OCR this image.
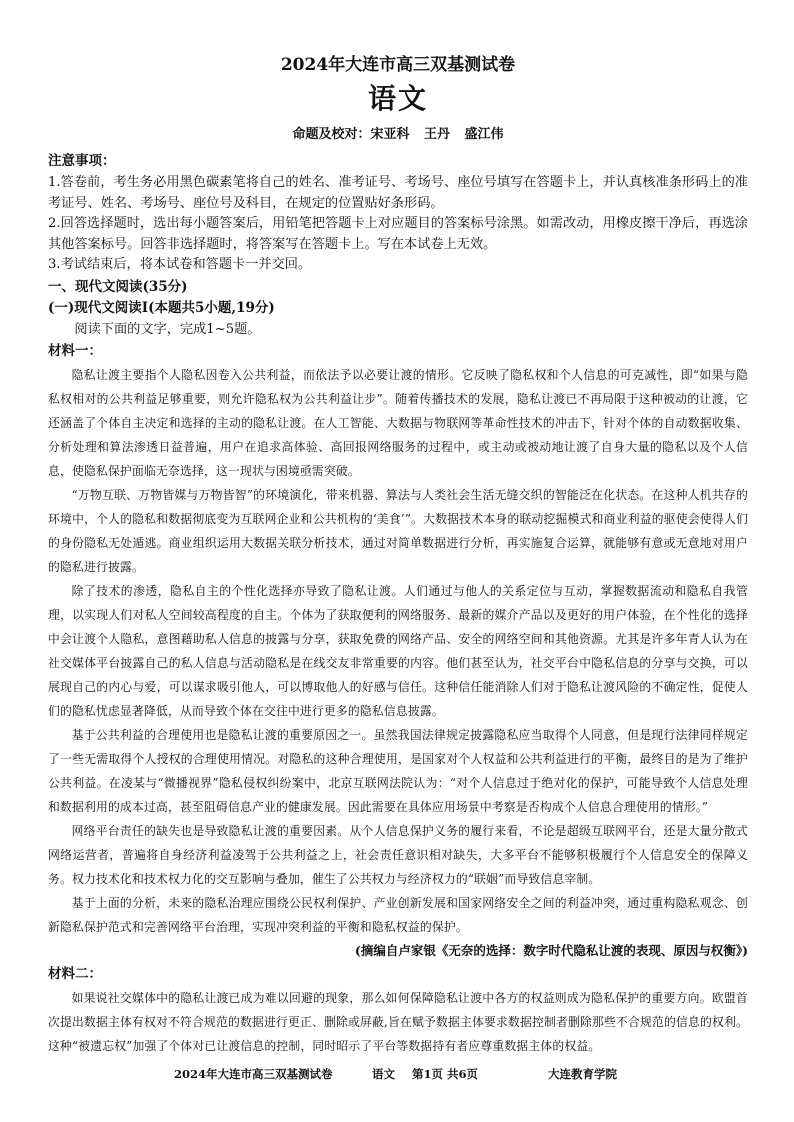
2024年大连市高三双基测试卷
语文
命题及校对：宋亚科 王丹 盛江伟
注意事项：

1.答卷前，考生务必用黑色碳素笔将自己的姓名、准考证号、考场号、座位号填写在答题卡上，并认真核准条形码上的准考证号、姓名、考场号、座位号及科目，在规定的位置贴好条形码。

2.回答选择题时，选出每小题答案后，用铅笔把答题卡上对应题目的答案标号涂黑。如需改动，用橡皮擦干净后，再选涂其他答案标号。回答非选择题时，将答案写在答题卡上。写在本试卷上无效。

3.考试结束后，将本试卷和答题卡一并交回。

一、现代文阅读(35分)
(一)现代文阅读Ⅰ(本题共5小题,19分)

阅读下面的文字，完成1~5题。

材料一：

隐私让渡主要指个人隐私因卷入公共利益，而依法予以必要让渡的情形。它反映了隐私权和个人信息的可克减性，即“如果与隐私权相对的公共利益足够重要，则允许隐私权为公共利益让步”。随着传播技术的发展，隐私让渡已不再局限于这种被动的让渡，它还涵盖了个体自主决定和选择的主动的隐私让渡。在人工智能、大数据与物联网等革命性技术的冲击下，针对个体的自动数据收集、分析处理和算法渗透日益普遍，用户在追求高体验、高回报网络服务的过程中，或主动或被动地让渡了自身大量的隐私以及个人信息，使隐私保护面临无奈选择，这一现状与困境亟需突破。

“万物互联、万物皆媒与万物皆智”的环境演化，带来机器、算法与人类社会生活无缝交织的智能泛在化状态。在这种人机共存的环境中，个人的隐私和数据彻底变为互联网企业和公共机构的‘美食’”。大数据技术本身的联动挖掘模式和商业利益的驱使会使得人们的身份隐私无处遁逃。商业组织运用大数据关联分析技术，通过对简单数据进行分析，再实施复合运算，就能够有意或无意地对用户的隐私进行披露。

除了技术的渗透，隐私自主的个性化选择亦导致了隐私让渡。人们通过与他人的关系定位与互动，掌握数据流动和隐私自我管理，以实现人们对私人空间较高程度的自主。个体为了获取便利的网络服务、最新的媒介产品以及更好的用户体验，在个性化的选择中会让渡个人隐私，意图藉助私人信息的披露与分享，获取免费的网络产品、安全的网络空间和其他资源。尤其是许多年青人认为在社交媒体平台披露自己的私人信息与活动隐私是在线交友非常重要的内容。他们甚至认为，社交平台中隐私信息的分享与交换，可以展现自己的内心与爱，可以谋求吸引他人，可以博取他人的好感与信任。这种信任能消除人们对于隐私让渡风险的不确定性，促使人们的隐私忧虑显著降低，从而导致个体在交往中进行更多的隐私信息披露。

基于公共利益的合理使用也是隐私让渡的重要原因之一。虽然我国法律规定披露隐私应当取得个人同意，但是现行法律同样规定了一些无需取得个人授权的合理使用情况。对隐私的这种合理使用，是国家对个人权益和公共利益进行的平衡，最终目的是为了维护公共利益。在凌某与“微播视界”隐私侵权纠纷案中，北京互联网法院认为：“对个人信息过于绝对化的保护，可能导致个人信息处理和数据利用的成本过高，甚至阻碍信息产业的健康发展。因此需要在具体应用场景中考察是否构成个人信息合理使用的情形。”

网络平台责任的缺失也是导致隐私让渡的重要因素。从个人信息保护义务的履行来看，不论是超级互联网平台，还是大量分散式网络运营者，普遍将自身经济利益凌驾于公共利益之上，社会责任意识相对缺失，大多平台不能够积极履行个人信息安全的保障义务。权力技术化和技术权力化的交互影响与叠加，催生了公共权力与经济权力的“联姻”而导致信息宰制。

基于上面的分析，未来的隐私治理应围绕公民权利保护、产业创新发展和国家网络安全之间的利益冲突，通过重构隐私观念、创新隐私保护范式和完善网络平台治理，实现冲突利益的平衡和隐私权益的保护。

(摘编自卢家银《无奈的选择：数字时代隐私让渡的表现、原因与权衡》)

材料二：

如果说社交媒体中的隐私让渡已成为难以回避的现象，那么如何保障隐私让渡中各方的权益则成为隐私保护的重要方向。欧盟首次提出数据主体有权对不符合规范的数据进行更正、删除或屏蔽,旨在赋予数据主体要求数据控制者删除那些不合规范的信息的权利。这种“被遗忘权”加强了个体对已让渡信息的控制，同时昭示了平台等数据持有者应尊重数据主体的权益。

2024年大连市高三双基测试卷	语文 第1页 共6页	大连教育学院
